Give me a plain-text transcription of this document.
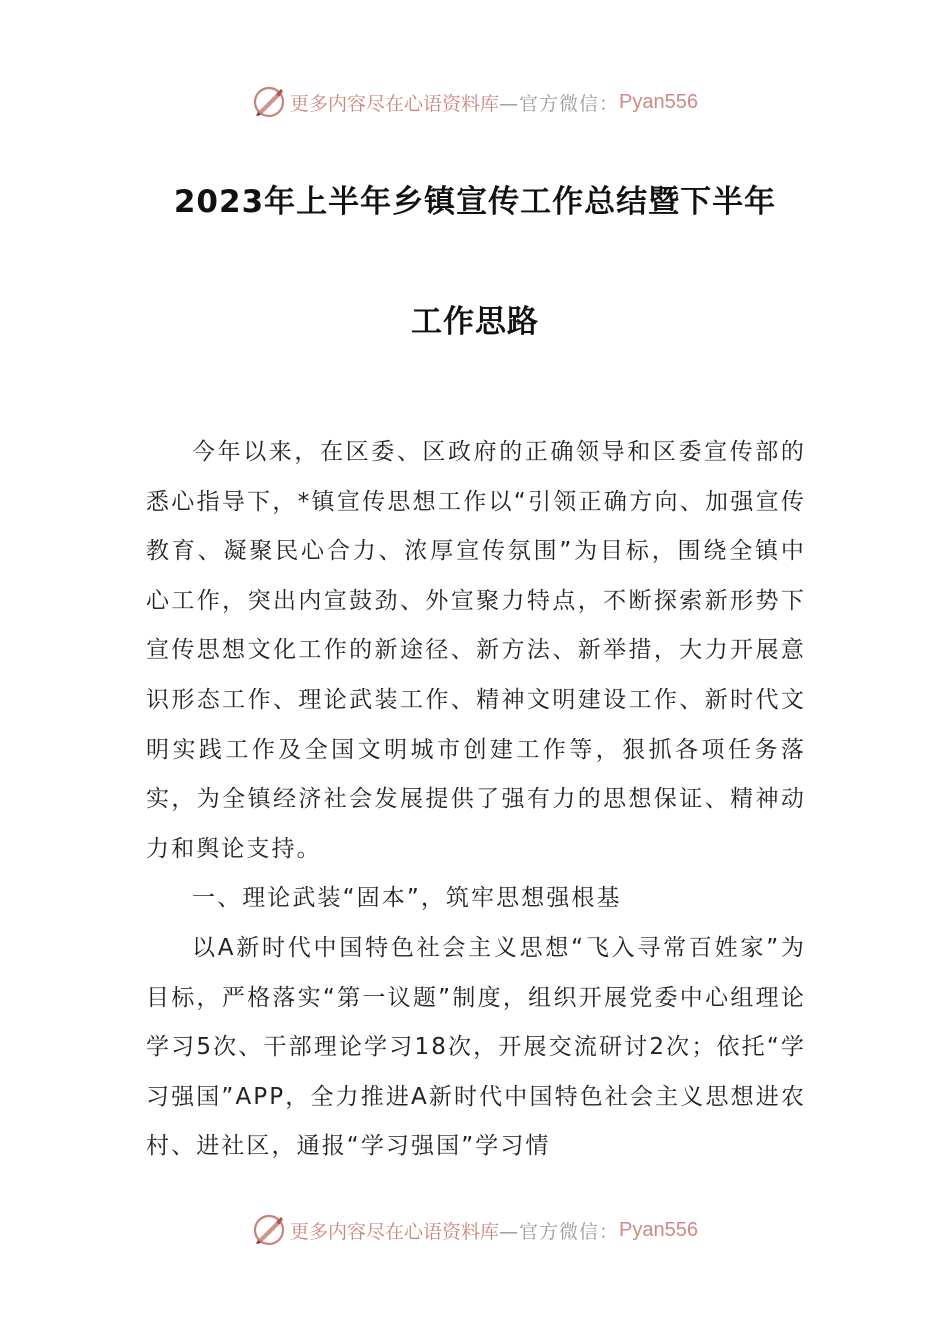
更多内容尽在心语资料库 —官方微信： Pyan556
2023年上半年乡镇宣传工作总结暨下半年
工作思路

今年以来，在区委、区政府的正确领导和区委宣传部的悉心指导下，*镇宣传思想工作以“引领正确方向、加强宣传教育、凝聚民心合力、浓厚宣传氛围”为目标，围绕全镇中心工作，突出内宣鼓劲、外宣聚力特点，不断探索新形势下宣传思想文化工作的新途径、新方法、新举措，大力开展意识形态工作、理论武装工作、精神文明建设工作、新时代文明实践工作及全国文明城市创建工作等，狠抓各项任务落实，为全镇经济社会发展提供了强有力的思想保证、精神动力和舆论支持。

一、理论武装“固本”，筑牢思想强根基

以A新时代中国特色社会主义思想“飞入寻常百姓家”为目标，严格落实“第一议题”制度，组织开展党委中心组理论学习5次、干部理论学习18次，开展交流研讨2次；依托“学习强国”APP，全力推进A新时代中国特色社会主义思想进农村、进社区，通报“学习强国”学习情

更多内容尽在心语资料库 —官方微信： Pyan556
